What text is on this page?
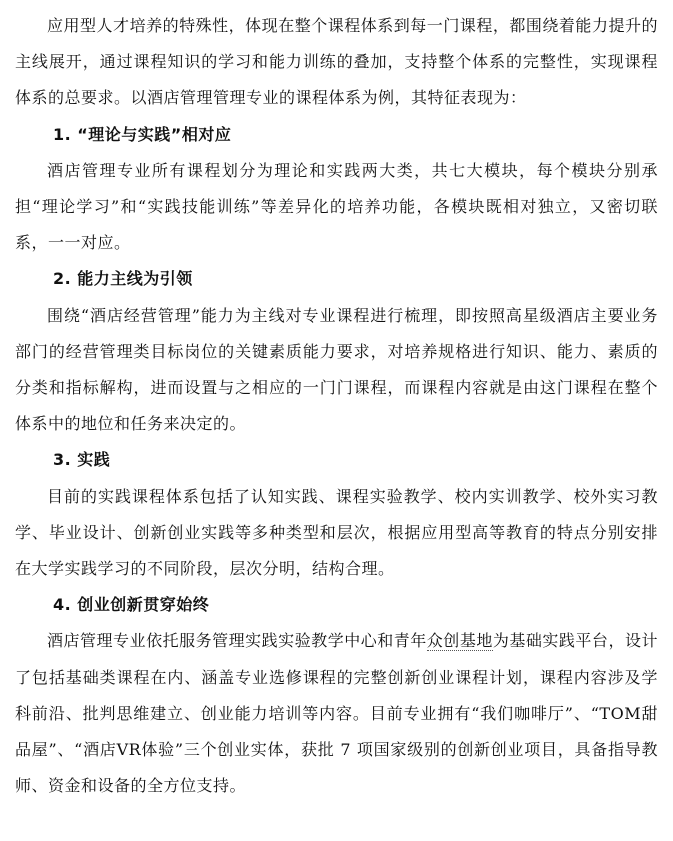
应用型人才培养的特殊性，体现在整个课程体系到每一门课程，都围绕着能力提升的主线展开，通过课程知识的学习和能力训练的叠加，支持整个体系的完整性，实现课程体系的总要求。以酒店管理管理专业的课程体系为例，其特征表现为：

1. “理论与实践”相对应

酒店管理专业所有课程划分为理论和实践两大类，共七大模块，每个模块分别承担“理论学习”和“实践技能训练”等差异化的培养功能，各模块既相对独立，又密切联系，一一对应。

2. 能力主线为引领

围绕“酒店经营管理”能力为主线对专业课程进行梳理，即按照高星级酒店主要业务部门的经营管理类目标岗位的关键素质能力要求，对培养规格进行知识、能力、素质的分类和指标解构，进而设置与之相应的一门门课程，而课程内容就是由这门课程在整个体系中的地位和任务来决定的。

3. 实践

目前的实践课程体系包括了认知实践、课程实验教学、校内实训教学、校外实习教学、毕业设计、创新创业实践等多种类型和层次，根据应用型高等教育的特点分别安排在大学实践学习的不同阶段，层次分明，结构合理。

4. 创业创新贯穿始终

酒店管理专业依托服务管理实践实验教学中心和青年众创基地为基础实践平台，设计了包括基础类课程在内、涵盖专业选修课程的完整创新创业课程计划，课程内容涉及学科前沿、批判思维建立、创业能力培训等内容。目前专业拥有“我们咖啡厅”、“TOM甜品屋”、“酒店VR体验”三个创业实体，获批 7 项国家级别的创新创业项目，具备指导教师、资金和设备的全方位支持。
